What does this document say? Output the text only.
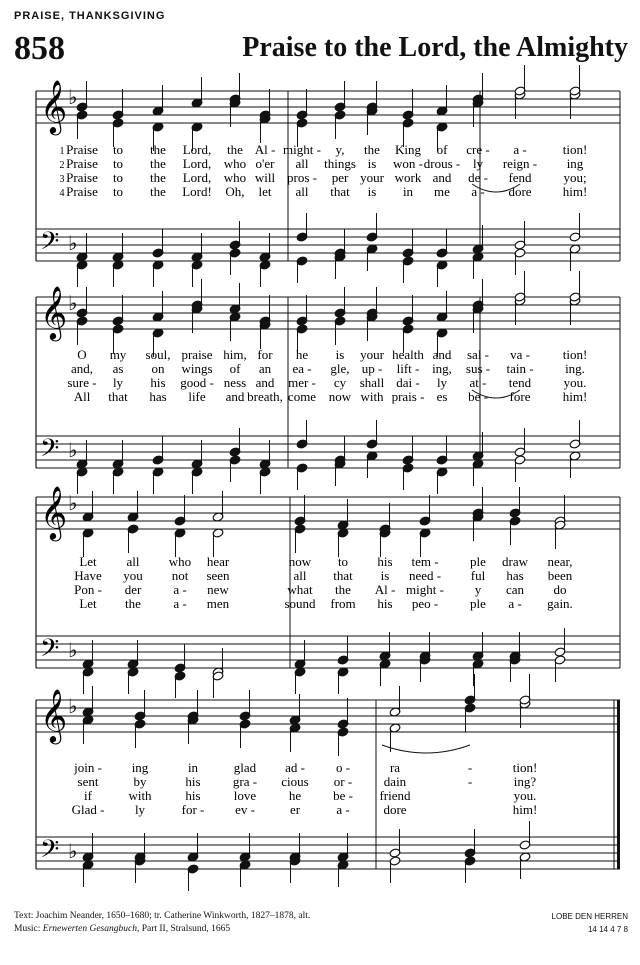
PRAISE, THANKSGIVING
858	Praise to the Lord, the Almighty
𝄞
𝄢
♭
♭
1 Praise to the Lord, the Al - might - y, the King of cre - a -	tion!
2 Praise to the Lord, who o'er all things is won - drous - ly reign - ing
3 Praise to the Lord, who will pros - per your work and de - fend you;
4 Praise to the Lord! Oh, let all that is in me a - dore him!
𝄞
𝄢
♭
♭
O my soul, praise him, for he is your health and sal - va -	tion!
and, as on wings of an ea - gle, up - lift - ing, sus - tain - ing.
sure - ly his good - ness and mer - cy shall dai - ly at - tend you.
All that has life and breath, come now with prais - es be - fore him!
𝄞
𝄢
♭
♭
Let all who hear	now to his tem - ple draw near,
Have you not seen	all that is need - ful has been
Pon - der a - new	what the Al - might - y can do
Let the a - men	sound from his peo - ple a - gain.
𝄞
𝄢
♭
♭
join - ing	in	glad ad - o -	ra	-	tion!
sent	by	his gra - cious or - dain	-	ing?
if	with	his	love	he be - friend	you.
Glad - ly	for - ev -	er	a -	dore	him!
Text: Joachim Neander, 1650–1680; tr. Catherine Winkworth, 1827–1878, alt.
Music: Ernewerten Gesangbuch, Part II, Stralsund, 1665
LOBE DEN HERREN
14 14 4 7 8
